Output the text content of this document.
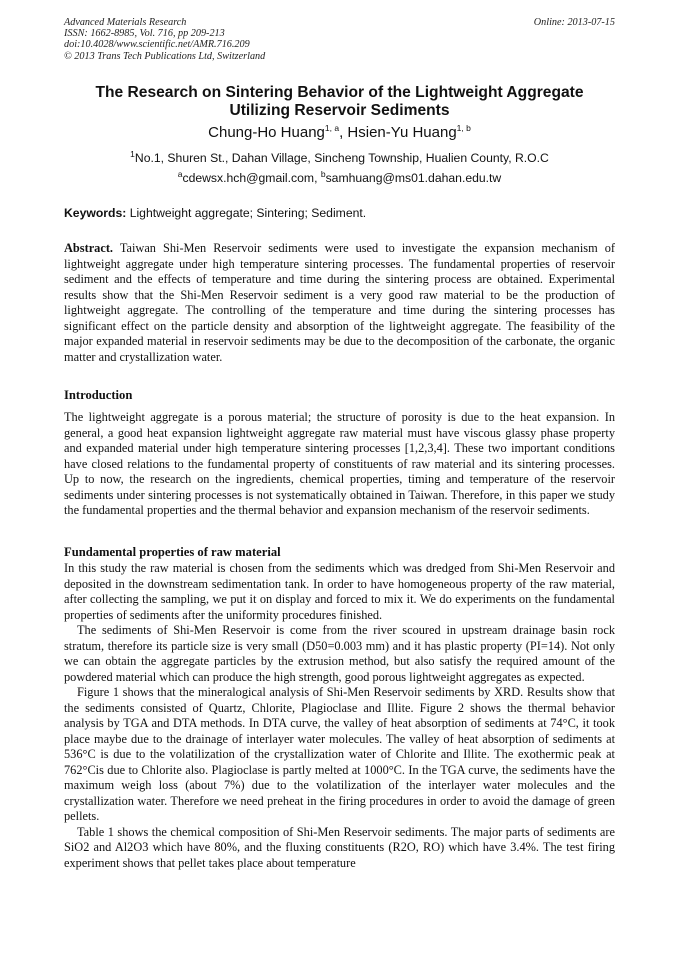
Advanced Materials Research
ISSN: 1662-8985, Vol. 716, pp 209-213
doi:10.4028/www.scientific.net/AMR.716.209
© 2013 Trans Tech Publications Ltd, Switzerland
Online: 2013-07-15
The Research on Sintering Behavior of the Lightweight Aggregate
Utilizing Reservoir Sediments
Chung-Ho Huang$^{1, a}$, Hsien-Yu Huang$^{1, b}$
$^1$No.1, Shuren St., Dahan Village, Sincheng Township, Hualien County, R.O.C
$^a$cdewsx.hch@gmail.com, $^b$samhuang@ms01.dahan.edu.tw
Keywords: Lightweight aggregate; Sintering; Sediment.

Abstract. Taiwan Shi-Men Reservoir sediments were used to investigate the expansion mechanism of lightweight aggregate under high temperature sintering processes. The fundamental properties of reservoir sediment and the effects of temperature and time during the sintering process are obtained. Experimental results show that the Shi-Men Reservoir sediment is a very good raw material to be the production of lightweight aggregate. The controlling of the temperature and time during the sintering processes has significant effect on the particle density and absorption of the lightweight aggregate. The feasibility of the major expanded material in reservoir sediments may be due to the decomposition of the carbonate, the organic matter and crystallization water.

Introduction

The lightweight aggregate is a porous material; the structure of porosity is due to the heat expansion. In general, a good heat expansion lightweight aggregate raw material must have viscous glassy phase property and expanded material under high temperature sintering processes [1,2,3,4]. These two important conditions have closed relations to the fundamental property of constituents of raw material and its sintering processes. Up to now, the research on the ingredients, chemical properties, timing and temperature of the reservoir sediments under sintering processes is not systematically obtained in Taiwan. Therefore, in this paper we study the fundamental properties and the thermal behavior and expansion mechanism of the reservoir sediments.

Fundamental properties of raw material

In this study the raw material is chosen from the sediments which was dredged from Shi-Men Reservoir and deposited in the downstream sedimentation tank. In order to have homogeneous property of the raw material, after collecting the sampling, we put it on display and forced to mix it. We do experiments on the fundamental properties of sediments after the uniformity procedures finished.

The sediments of Shi-Men Reservoir is come from the river scoured in upstream drainage basin rock stratum, therefore its particle size is very small (D50=0.003 mm) and it has plastic property (PI=14). Not only we can obtain the aggregate particles by the extrusion method, but also satisfy the required amount of the powdered material which can produce the high strength, good porous lightweight aggregates as expected.

Figure 1 shows that the mineralogical analysis of Shi-Men Reservoir sediments by XRD. Results show that the sediments consisted of Quartz, Chlorite, Plagioclase and Illite. Figure 2 shows the thermal behavior analysis by TGA and DTA methods. In DTA curve, the valley of heat absorption of sediments at 74°C, it took place maybe due to the drainage of interlayer water molecules. The valley of heat absorption of sediments at 536°C is due to the volatilization of the crystallization water of Chlorite and Illite. The exothermic peak at 762°Cis due to Chlorite also. Plagioclase is partly melted at 1000°C. In the TGA curve, the sediments have the maximum weigh loss (about 7%) due to the volatilization of the interlayer water molecules and the crystallization water. Therefore we need preheat in the firing procedures in order to avoid the damage of green pellets.

Table 1 shows the chemical composition of Shi-Men Reservoir sediments. The major parts of sediments are SiO2 and Al2O3 which have 80%, and the fluxing constituents (R2O, RO) which have 3.4%. The test firing experiment shows that pellet takes place about temperature
